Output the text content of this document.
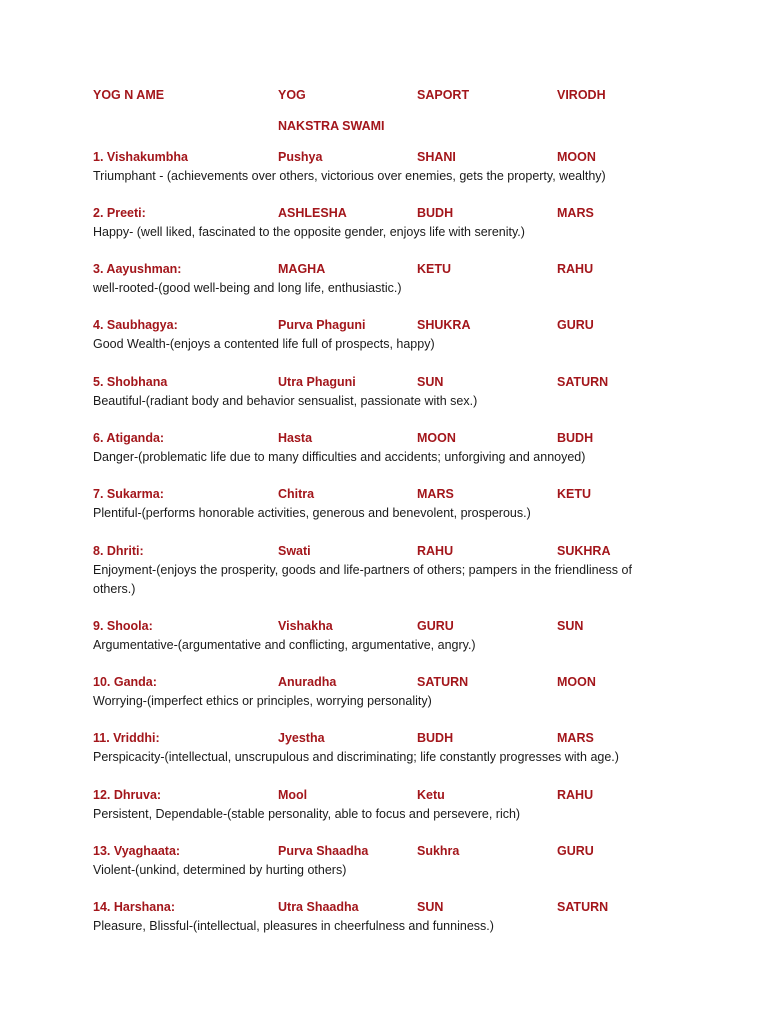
YOG N AME	YOG	SAPORT	VIRODH
NAKSTRA SWAMI
1. Vishakumbha	Pushya	SHANI	MOON
Triumphant - (achievements over others, victorious over enemies, gets the property, wealthy)
2. Preeti:	ASHLESHA	BUDH	MARS
Happy- (well liked, fascinated to the opposite gender, enjoys life with serenity.)
3. Aayushman:	MAGHA	KETU	RAHU
well-rooted-(good well-being and long life, enthusiastic.)
4. Saubhagya:	Purva Phaguni	SHUKRA	GURU
Good Wealth-(enjoys a contented life full of prospects, happy)
5. Shobhana	Utra Phaguni	SUN	SATURN
Beautiful-(radiant body and behavior sensualist, passionate with sex.)
6. Atiganda:	Hasta	MOON	BUDH
Danger-(problematic life due to many difficulties and accidents; unforgiving and annoyed)
7. Sukarma:	Chitra	MARS	KETU
Plentiful-(performs honorable activities, generous and benevolent, prosperous.)
8. Dhriti:	Swati	RAHU	SUKHRA
Enjoyment-(enjoys the prosperity, goods and life-partners of others; pampers in the friendliness of others.)
9. Shoola:	Vishakha	GURU	SUN
Argumentative-(argumentative and conflicting, argumentative, angry.)
10. Ganda:	Anuradha	SATURN	MOON
Worrying-(imperfect ethics or principles, worrying personality)
11. Vriddhi:	Jyestha	BUDH	MARS
Perspicacity-(intellectual, unscrupulous and discriminating; life constantly progresses with age.)
12. Dhruva:	Mool	Ketu	RAHU
Persistent, Dependable-(stable personality, able to focus and persevere, rich)
13. Vyaghaata:	Purva Shaadha	Sukhra	GURU
Violent-(unkind, determined by hurting others)
14. Harshana:	Utra Shaadha	SUN	SATURN
Pleasure, Blissful-(intellectual, pleasures in cheerfulness and funniness.)
